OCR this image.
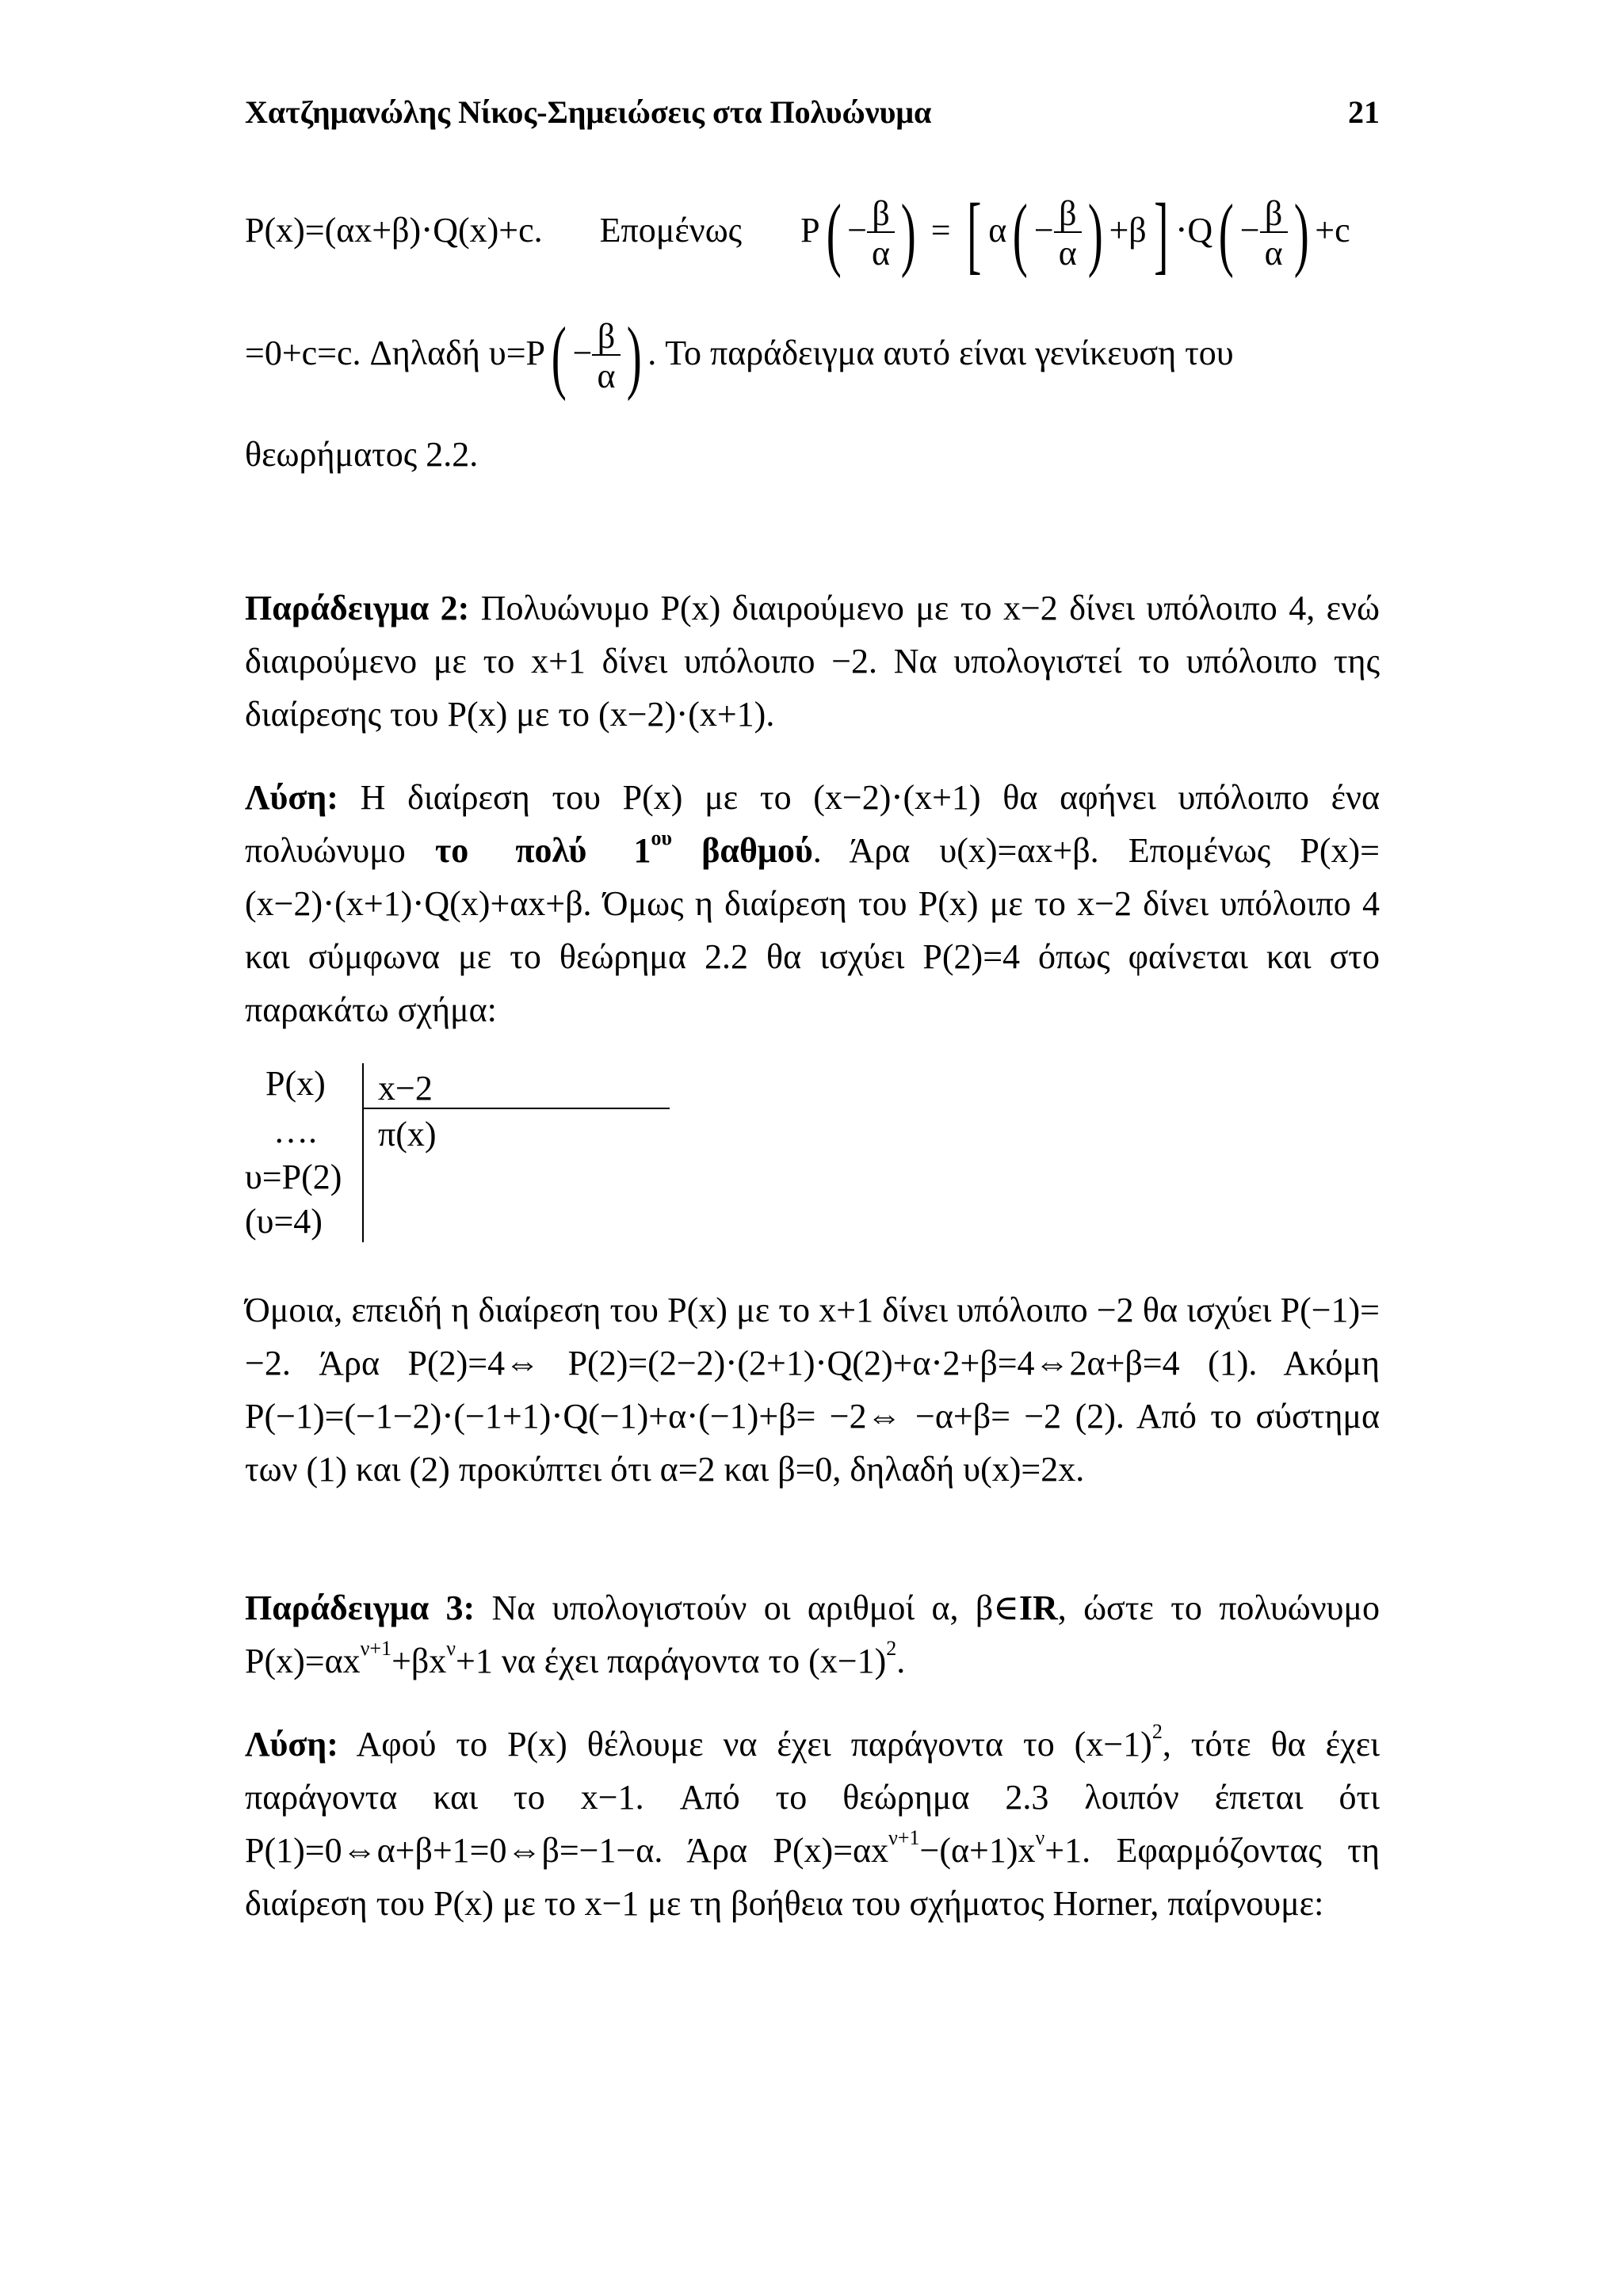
Χατζημανώλης Νίκος-Σημειώσεις στα Πολυώνυμα	21
P(x)=(αx+β)⋅Q(x)+c. Επομένως $P( - \frac{\beta}{\alpha}$ ) = [ $\alpha( - \frac{\beta}{\alpha}$ ) $+\beta] \cdot Q( - \frac{\beta}{\alpha}$ ) +c
=0+c=c. Δηλαδή $\upsilon=P( - \frac{\beta}{\alpha}$ ) . Το παράδειγμα αυτό είναι γενίκευση του
θεωρήματος 2.2.
Παράδειγμα 2: Πολυώνυμο P(x) διαιρούμενο με το x−2 δίνει υπόλοιπο 4, ενώ διαιρούμενο με το x+1 δίνει υπόλοιπο −2. Να υπολογιστεί το υπόλοιπο της διαίρεσης του P(x) με το (x−2)⋅(x+1).
Λύση: Η διαίρεση του P(x) με το (x−2)⋅(x+1) θα αφήνει υπόλοιπο ένα πολυώνυμο το πολύ $1^{o\upsilon}$ βαθμού. Άρα υ(x)=αx+β. Επομένως P(x)=(x−2)⋅(x+1)⋅Q(x)+αx+β. Όμως η διαίρεση του P(x) με το x−2 δίνει υπόλοιπο 4 και σύμφωνα με το θεώρημα 2.2 θα ισχύει P(2)=4 όπως φαίνεται και στο παρακάτω σχήμα:
P(x) x−2
…. π(x)
υ=P(2)
(υ=4)
Όμοια, επειδή η διαίρεση του P(x) με το x+1 δίνει υπόλοιπο −2 θα ισχύει P(−1)= −2. Άρα P(2)=4⇔ P(2)=(2−2)⋅(2+1)⋅Q(2)+α⋅2+β=4⇔2α+β=4 (1). Ακόμη P(−1)=(−1−2)⋅(−1+1)⋅Q(−1)+α⋅(−1)+β= −2⇔ −α+β= −2 (2). Από το σύστημα των (1) και (2) προκύπτει ότι α=2 και β=0, δηλαδή υ(x)=2x.
Παράδειγμα 3: Να υπολογιστούν οι αριθμοί α, β∈IR, ώστε το πολυώνυμο $P(x)=\alpha x^{\nu+1}+\beta x^\nu+1$ να έχει παράγοντα το $(x-1)^2$.
Λύση: Αφού το P(x) θέλουμε να έχει παράγοντα το $(x-1)^2$, τότε θα έχει παράγοντα και το x−1. Από το θεώρημα 2.3 λοιπόν έπεται ότι P(1)=0⇔α+β+1=0⇔β=−1−α. Άρα $P(x)=\alpha x^{\nu+1}-(\alpha+1)x^\nu+1$. Εφαρμόζοντας τη διαίρεση του P(x) με το x−1 με τη βοήθεια του σχήματος Horner, παίρνουμε:
